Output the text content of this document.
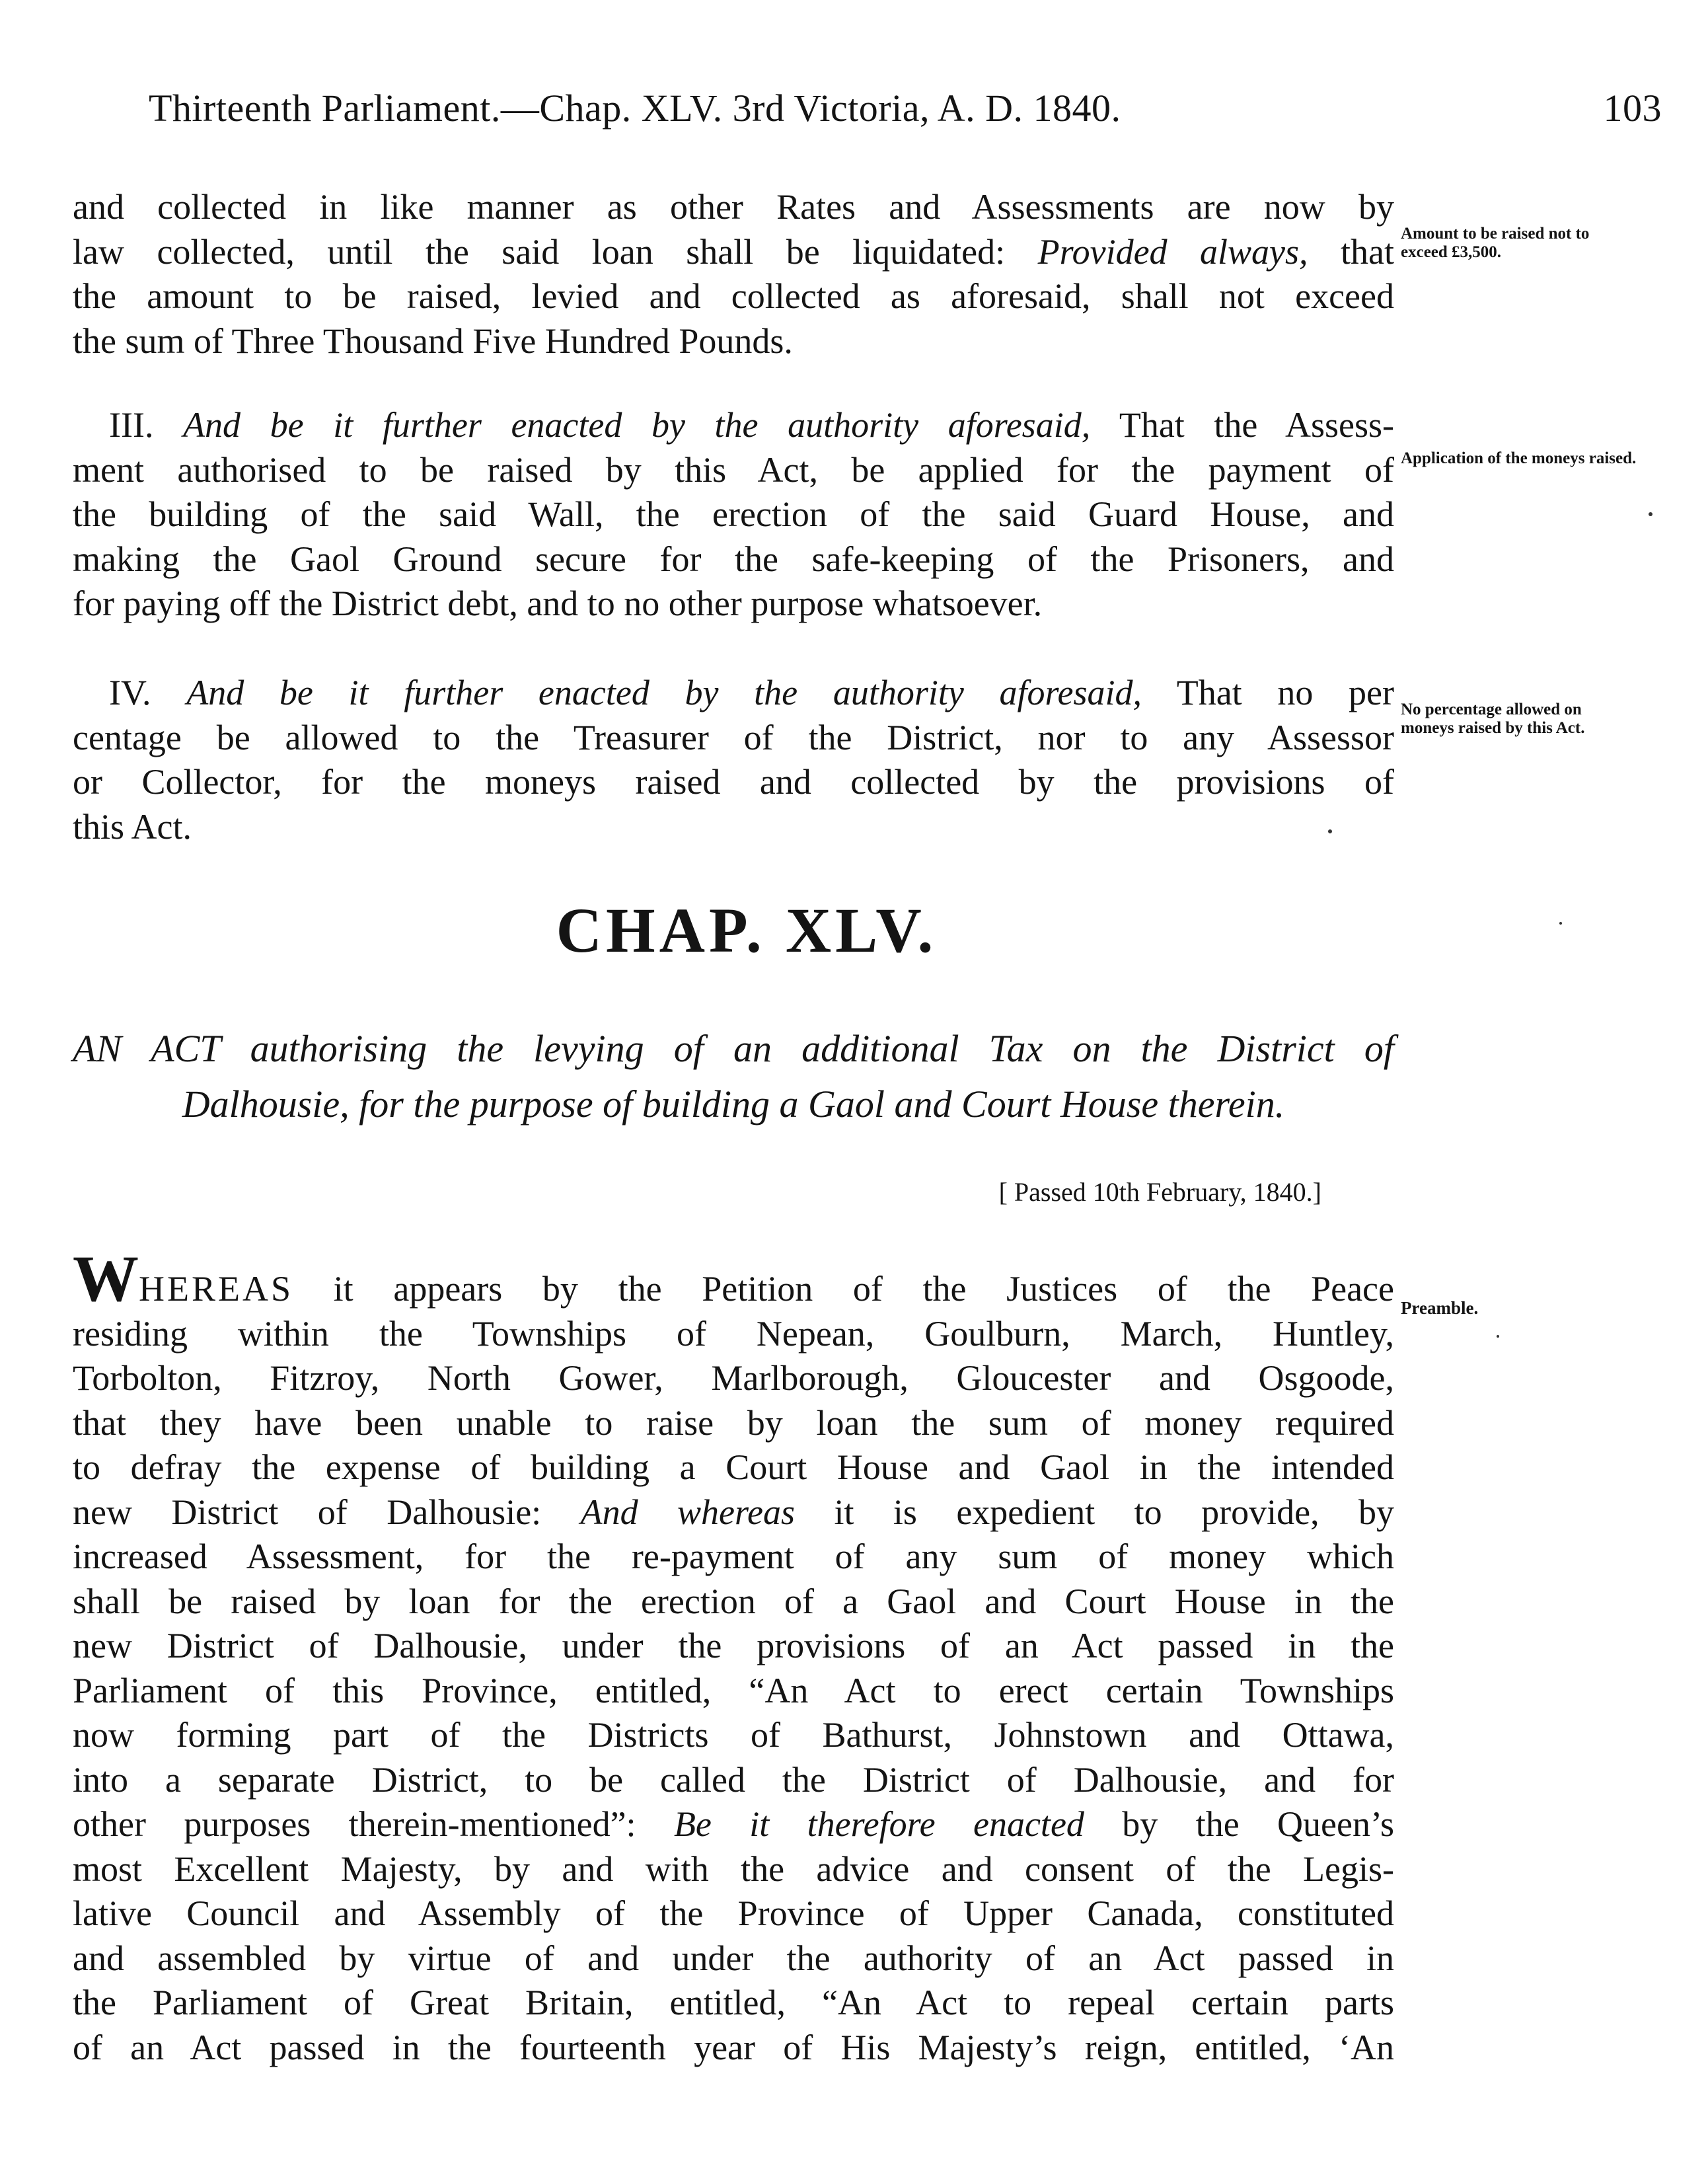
Thirteenth Parliament.—Chap. XLV. 3rd Victoria, A. D. 1840.	103
and collected in like manner as other Rates and Assessments are now by
law collected, until the said loan shall be liquidated: Provided always, that
the amount to be raised, levied and collected as aforesaid, shall not exceed
the sum of Three Thousand Five Hundred Pounds.
Amount to be raised not to exceed £3,500.
III. And be it further enacted by the authority aforesaid, That the Assess-
ment authorised to be raised by this Act, be applied for the payment of
the building of the said Wall, the erection of the said Guard House, and
making the Gaol Ground secure for the safe-keeping of the Prisoners, and
for paying off the District debt, and to no other purpose whatsoever.
Application of the moneys raised.
IV. And be it further enacted by the authority aforesaid, That no per
centage be allowed to the Treasurer of the District, nor to any Assessor
or Collector, for the moneys raised and collected by the provisions of
this Act.
No percentage allowed on moneys raised by this Act.
CHAP. XLV.
AN ACT authorising the levying of an additional Tax on the District of
Dalhousie, for the purpose of building a Gaol and Court House therein.
[ Passed 10th February, 1840.]
WHEREAS it appears by the Petition of the Justices of the Peace
residing within the Townships of Nepean, Goulburn, March, Huntley,
Torbolton, Fitzroy, North Gower, Marlborough, Gloucester and Osgoode,
that they have been unable to raise by loan the sum of money required
to defray the expense of building a Court House and Gaol in the intended
new District of Dalhousie: And whereas it is expedient to provide, by
increased Assessment, for the re-payment of any sum of money which
shall be raised by loan for the erection of a Gaol and Court House in the
new District of Dalhousie, under the provisions of an Act passed in the
Parliament of this Province, entitled, “An Act to erect certain Townships
now forming part of the Districts of Bathurst, Johnstown and Ottawa,
into a separate District, to be called the District of Dalhousie, and for
other purposes therein-mentioned”: Be it therefore enacted by the Queen’s
most Excellent Majesty, by and with the advice and consent of the Legis-
lative Council and Assembly of the Province of Upper Canada, constituted
and assembled by virtue of and under the authority of an Act passed in
the Parliament of Great Britain, entitled, “An Act to repeal certain parts
of an Act passed in the fourteenth year of His Majesty’s reign, entitled, ‘An
Preamble.
